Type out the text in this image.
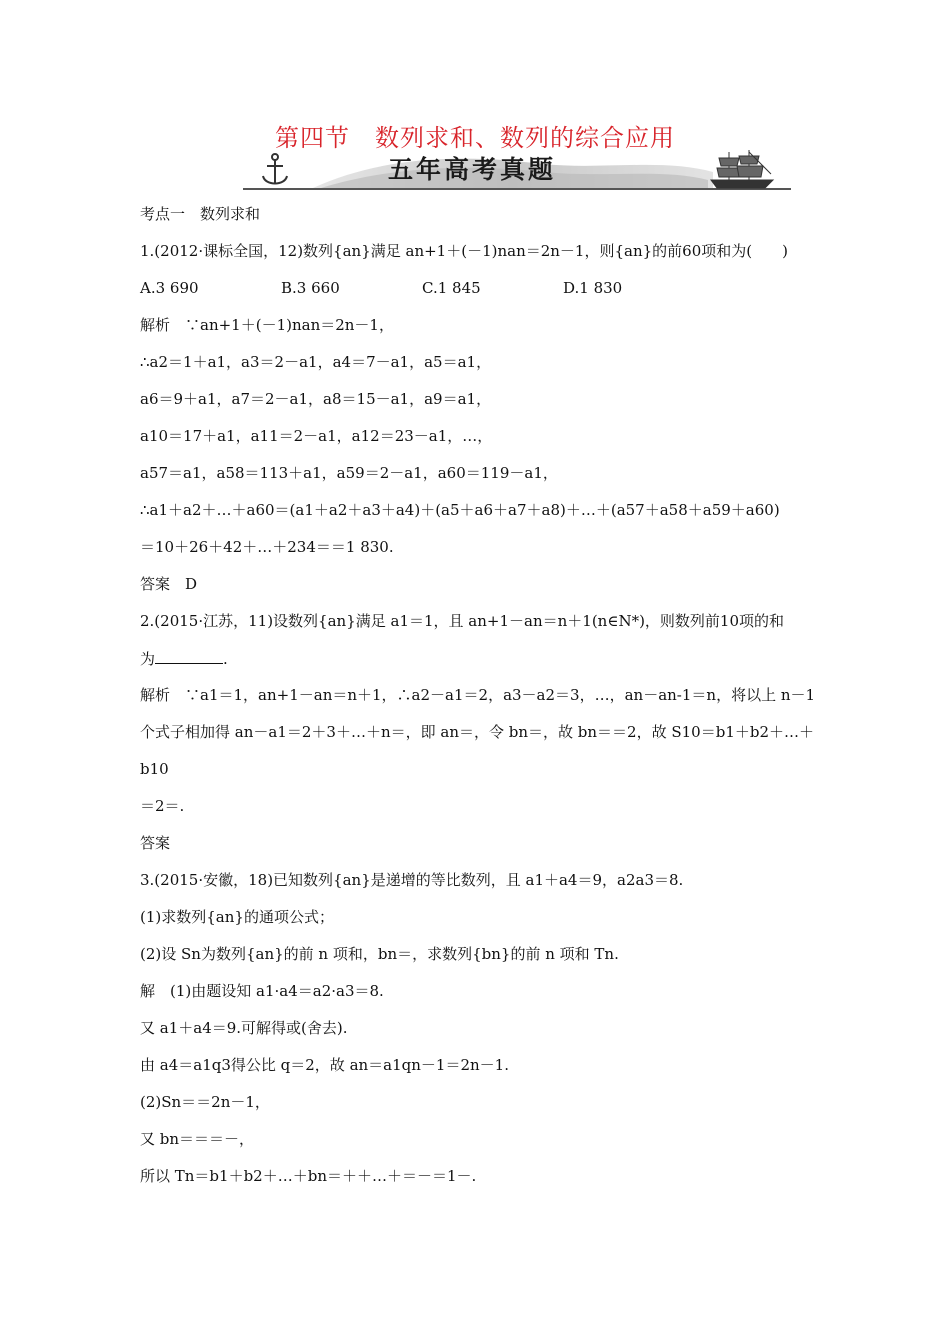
第四节　数列求和、数列的综合应用
五年高考真题
考点一　数列求和
1.(2012·课标全国，12)数列{an}满足 an+1＋(－1)nan＝2n－1，则{an}的前60项和为(　　)
A.3 690	B.3 660	C.1 845	D.1 830
解析　∵an+1＋(－1)nan＝2n－1，
∴a2＝1＋a1，a3＝2－a1，a4＝7－a1，a5＝a1，
a6＝9＋a1，a7＝2－a1，a8＝15－a1，a9＝a1，
a10＝17＋a1，a11＝2－a1，a12＝23－a1，…，
a57＝a1，a58＝113＋a1，a59＝2－a1，a60＝119－a1，
∴a1＋a2＋…＋a60＝(a1＋a2＋a3＋a4)＋(a5＋a6＋a7＋a8)＋…＋(a57＋a58＋a59＋a60)
＝10＋26＋42＋…＋234＝＝1 830.
答案　D
2.(2015·江苏，11)设数列{an}满足 a1＝1，且 an+1－an＝n＋1(n∈N*)，则数列前10项的和
为	.
解析　∵a1＝1，an+1－an＝n＋1，∴a2－a1＝2，a3－a2＝3，…，an－an-1＝n，将以上 n－1
个式子相加得 an－a1＝2＋3＋…＋n＝，即 an＝，令 bn＝，故 bn＝＝2，故 S10＝b1＋b2＋…＋
b10
＝2＝.
答案
3.(2015·安徽，18)已知数列{an}是递增的等比数列，且 a1＋a4＝9，a2a3＝8.
(1)求数列{an}的通项公式；
(2)设 Sn为数列{an}的前 n 项和，bn＝，求数列{bn}的前 n 项和 Tn.
解　(1)由题设知 a1·a4＝a2·a3＝8.
又 a1＋a4＝9.可解得或(舍去).
由 a4＝a1q3得公比 q＝2，故 an＝a1qn－1＝2n－1.
(2)Sn＝＝2n－1，
又 bn＝＝＝－，
所以 Tn＝b1＋b2＋…＋bn＝＋＋…＋＝－＝1－.
